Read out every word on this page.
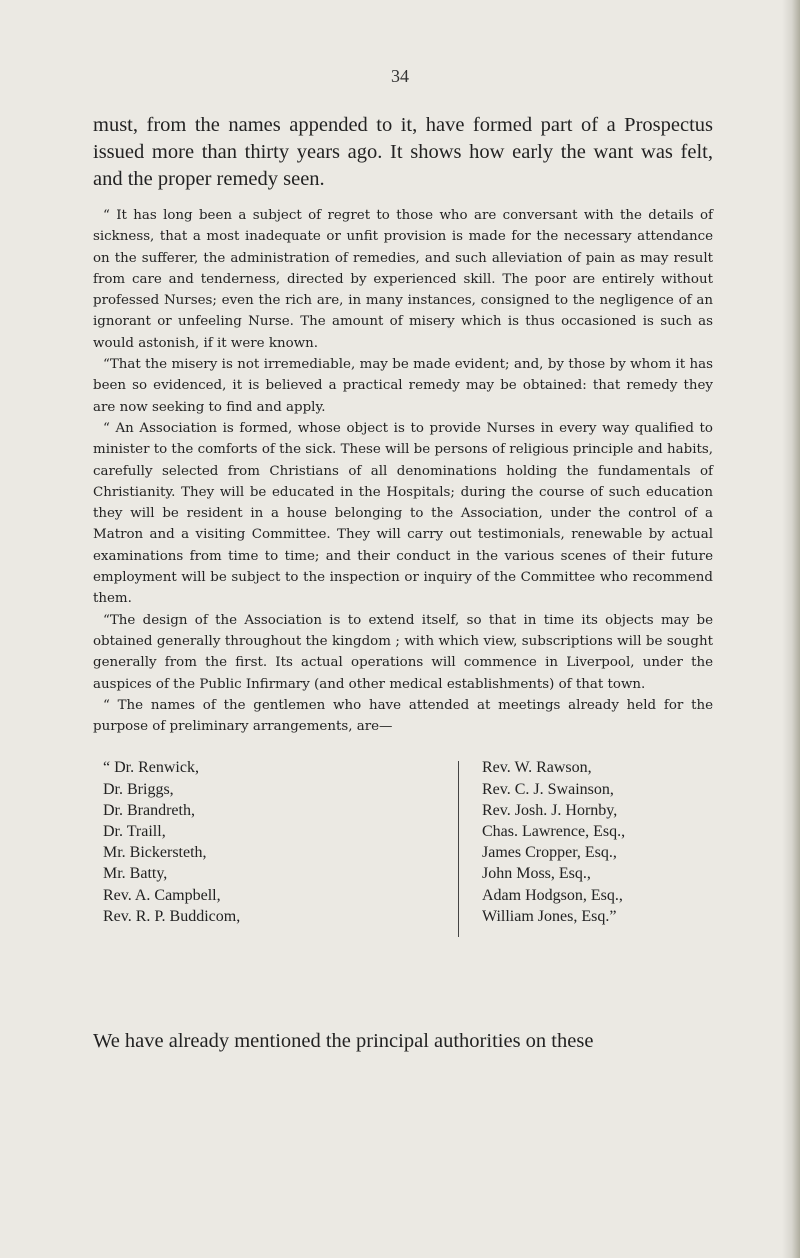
34

must, from the names appended to it, have formed part of a Prospectus issued more than thirty years ago. It shows how early the want was felt, and the proper remedy seen.

“ It has long been a subject of regret to those who are conversant with the details of sickness, that a most inadequate or unfit provision is made for the necessary attendance on the sufferer, the administration of remedies, and such alleviation of pain as may result from care and tenderness, directed by experienced skill. The poor are entirely without professed Nurses; even the rich are, in many instances, consigned to the negligence of an ignorant or unfeeling Nurse. The amount of misery which is thus occasioned is such as would astonish, if it were known.

“That the misery is not irremediable, may be made evident; and, by those by whom it has been so evidenced, it is believed a practical remedy may be obtained: that remedy they are now seeking to find and apply.

“ An Association is formed, whose object is to provide Nurses in every way qualified to minister to the comforts of the sick. These will be persons of religious principle and habits, carefully selected from Christians of all denominations holding the fundamentals of Christianity. They will be educated in the Hospitals; during the course of such education they will be resident in a house belonging to the Association, under the control of a Matron and a visiting Committee. They will carry out testimonials, renewable by actual examinations from time to time; and their conduct in the various scenes of their future employment will be subject to the inspection or inquiry of the Committee who recommend them.

“The design of the Association is to extend itself, so that in time its objects may be obtained generally throughout the kingdom ; with which view, subscriptions will be sought generally from the first. Its actual operations will commence in Liverpool, under the auspices of the Public Infirmary (and other medical establishments) of that town.

“ The names of the gentlemen who have attended at meetings already held for the purpose of preliminary arrangements, are—

“ Dr. Renwick,
Dr. Briggs,
Dr. Brandreth,
Dr. Traill,
Mr. Bickersteth,
Mr. Batty,
Rev. A. Campbell,
Rev. R. P. Buddicom,
Rev. W. Rawson,
Rev. C. J. Swainson,
Rev. Josh. J. Hornby,
Chas. Lawrence, Esq.,
James Cropper, Esq.,
John Moss, Esq.,
Adam Hodgson, Esq.,
William Jones, Esq.”
We have already mentioned the principal authorities on these
